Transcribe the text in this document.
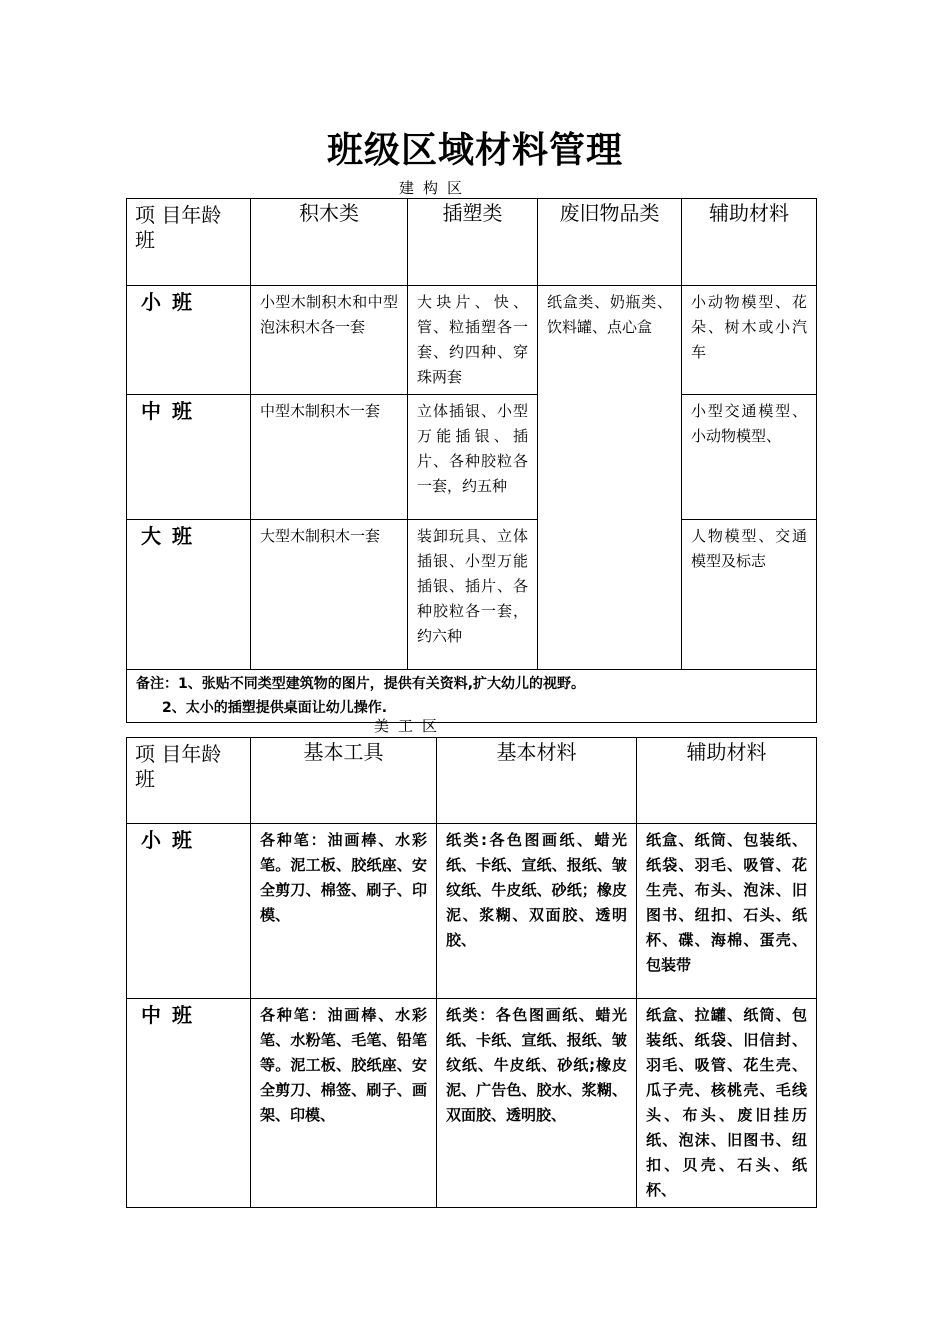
班级区域材料管理
建构区
项 目年龄班	积木类	插塑类	废旧物品类	辅助材料
小 班	小型木制积木和中型泡沫积木各一套	大块片、快、管、粒插塑各一套、约四种、穿珠两套	纸盒类、奶瓶类、饮料罐、点心盒	小动物模型、花朵、树木或小汽车
中 班	中型木制积木一套	立体插银、小型万能插银、插片、各种胶粒各一套，约五种		小型交通模型、小动物模型、
大 班	大型木制积木一套	装卸玩具、立体插银、小型万能插银、插片、各种胶粒各一套，约六种		人物模型、交通模型及标志

备注：1、张贴不同类型建筑物的图片，提供有关资料,扩大幼儿的视野。
2、太小的插塑提供桌面让幼儿操作.				
美工区
项 目年龄班	基本工具	基本材料	辅助材料
小 班	各种笔：油画棒、水彩笔。泥工板、胶纸座、安全剪刀、棉签、刷子、印模、	纸类:各色图画纸、蜡光纸、卡纸、宣纸、报纸、皱纹纸、牛皮纸、砂纸；橡皮泥、浆糊、双面胶、透明胶、	纸盒、纸筒、包装纸、纸袋、羽毛、吸管、花生壳、布头、泡沫、旧图书、纽扣、石头、纸杯、碟、海棉、蛋壳、包装带
中 班	各种笔：油画棒、水彩笔、水粉笔、毛笔、铅笔等。泥工板、胶纸座、安全剪刀、棉签、刷子、画架、印模、	纸类：各色图画纸、蜡光纸、卡纸、宣纸、报纸、皱纹纸、牛皮纸、砂纸;橡皮泥、广告色、胶水、浆糊、双面胶、透明胶、	纸盒、拉罐、纸筒、包装纸、纸袋、旧信封、羽毛、吸管、花生壳、瓜子壳、核桃壳、毛线头、布头、废旧挂历纸、泡沫、旧图书、纽扣、贝壳、石头、纸杯、
